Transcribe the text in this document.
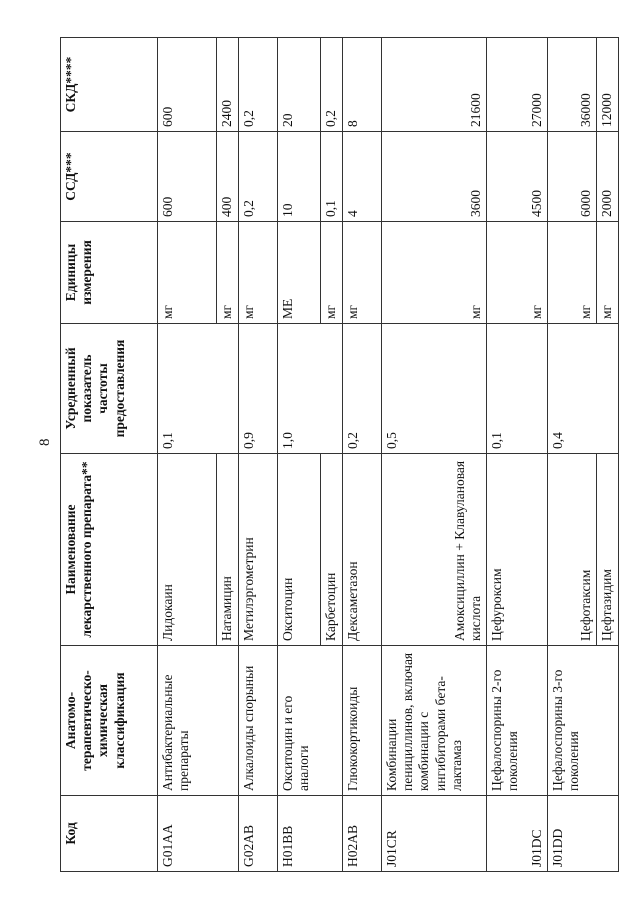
8
Код	Анатомо-терапевтическо-химическая классификация	Наименование лекарственного препарата**	Усредненный показатель частоты предоставления	Единицы измерения	ССД***	СКД****
G01AA	Антибактериальные препараты	Лидокаин	0,1	мг	600	600
		Натамицин		мг	400	2400
G02AB	Алкалоиды спорыньи	Метилэргометрин	0,9	мг	0,2	0,2
H01BB	Окситоцин и его аналоги	Окситоцин	1,0	МЕ	10	20
		Карбетоцин		мг	0,1	0,2
H02AB	Глюкокортикоиды	Дексаметазон	0,2	мг	4	8
J01CR	Комбинации пенициллинов, включая комбинации с ингибиторами бета-лактамаз	Амоксициллин + Клавулановая кислота	0,5	мг	3600	21600
J01DC	Цефалоспорины 2-го поколения	Цефуроксим	0,1	мг	4500	27000
J01DD	Цефалоспорины 3-го поколения	Цефотаксим	0,4	мг	6000	36000
		Цефтазидим		мг	2000	12000
